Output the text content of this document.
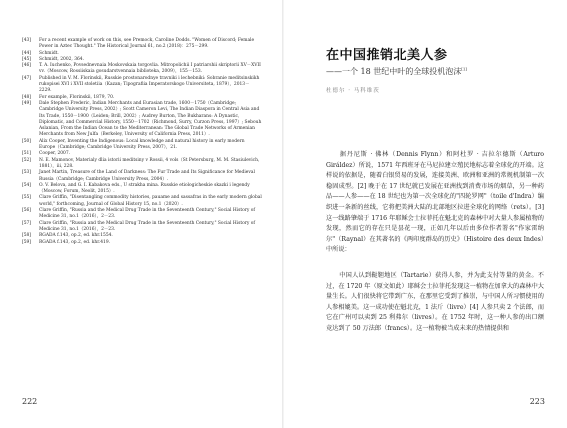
[43]	For a recent example of work on this, see Premock, Caroline Dodds. "Women of Discord; Female Power in Aztec Thought." The Historical Journal 61, no.2 (2018)：275－299.
[44]	Schmidt.
[45]	Schmidt, 2002, 364.
[46]	T. A. Iuchenko, Povsednevnaia Moskovskaia torgovlia. Mitropolichii I patriarshii skriptorii XV－XVII vv.（Moscow, Rossiiskaia gosudarstvennaia biblioteka, 2009），155－153.
[47]	Published in V. M. Florinskii, Russkie prostonarodnye travniki i lechebniki: Sobranie meditsinskikh rukopisei XVI i XVII stoletiia（Kazan; Tipografiia Imperatorskogo Universiteta, 1879），2013－2229.
[48]	For example, Florinskii, 1879, 70.
[49]	Dale Stephen Frederic, Indian Merchants and Eurasian trade, 1600－1750（Cambridge; Cambridge University Press, 2002）; Scott Cameron Levi, The Indian Diaspora in Central Asia and Its Trade, 1550－1900（Leiden; Brill, 2002）; Audrey Burton, The Bukharans: A Dynastic, Diplomatic, and Commercial History, 1550－1702（Richmond, Surry, Curzon Press, 1997）; Sebouh Aslanian, From the Indian Ocean to the Mediterranean: The Global Trade Networks of Armenian Merchants from New Julfa（Berkeley, University of California Press, 2011）.
[50]	Alix Cooper, Inventing the Indigenous: Local knowledge and natural history in early modern Europe（Cambridge; Cambridge University Press, 2007），21.
[51]	Cooper, 2007.
[52]	N. E. Mamonov, Materialy dlia istorii meditsiny v Rossii, 4 vols（St Petersburg, M. M. Stasiulevich, 1881），iii, 228.
[53]	Janet Martin, Treasure of the Land of Darkness: The Fur Trade and Its Significance for Medieval Russia（Cambridge; Cambridge University Press, 2004）.
[54]	O. V. Belova, and G. I. Kabakova eds., U strakha mina. Russkie etiologicheskie skazki i legendy（Moscow, Forum, Neolit, 2015）.
[55]	Clare Griffin, "Disentangling commodity histories, pauame and sassafras in the early modern global world," forthcoming, Journal of Global History 15, no.1（2020）.
[56]	Clare Griffin, "Russia and the Medical Drug Trade in the Seventeenth Century," Social History of Medicine 31, no.1（2016），2－23.
[57]	Clare Griffin, "Russia and the Medical Drug Trade in the Seventeenth Century," Social History of Medicine 31, no.1（2016），2－23.
[58]	RGADA f.143, op.2, ed. khr.1554.
[59]	RGADA f.143, op.2, ed. khr.419.
222
在中国推销北美人参
——一个 18 世纪中叶的全球投机泡沫[1]
杜德尔 · 马科维茨
据丹尼斯 · 佛林（Dennis Flynn）和阿杜罗 · 吉拉尔德斯（Arturo Giráldez）所说，1571 年西班牙在马尼拉建立殖民地标志着全球化的开端。这样说的依据是，随着白银贸易的发展，连接美洲、欧洲和亚洲的常规机制第一次稳固成型。[2] 晚于在 17 世纪就已发展在亚洲找到消费市场的烟草，另一种药品——人参——在 18 世纪也为第一次全球化的"四轮罗网"（toile d'Indra）编织进一条新的丝线，它将把美洲大陆的北部地区拉进全球化的网络（rets）。[3] 这一线路肇端于 1716 年耶稣会士拉菲托在魁北克的森林中对大量人参属植物的发现，然而它的存在只是昙花一现，正如几年以后由多位作者署名"作家雷纳尔"（Raynal）在其著名的《两印度群岛的历史》（Histoire des deux Indes）中所说：
中国人认到鞑靼地区（Tartarie）获得人参，并为此支付等量的黄金。不过，在 1720 年（原文如此）耶稣会士拉菲托发现这一植物在加拿大的森林中大量生长。人们很快将它带到广东，在那里它受到了推崇，与中国人所习惯使用的人参相媲美。这一成功使在魁北克，1 法斤（livre）[4] 人参只卖 2 个法郎，而它在广州可以卖到 25 利弗尔（livres）。在 1752 年时，这一种人参的出口额竟达到了 50 万法郎（francs）。这一植物被当成未来的热情提供和
223
